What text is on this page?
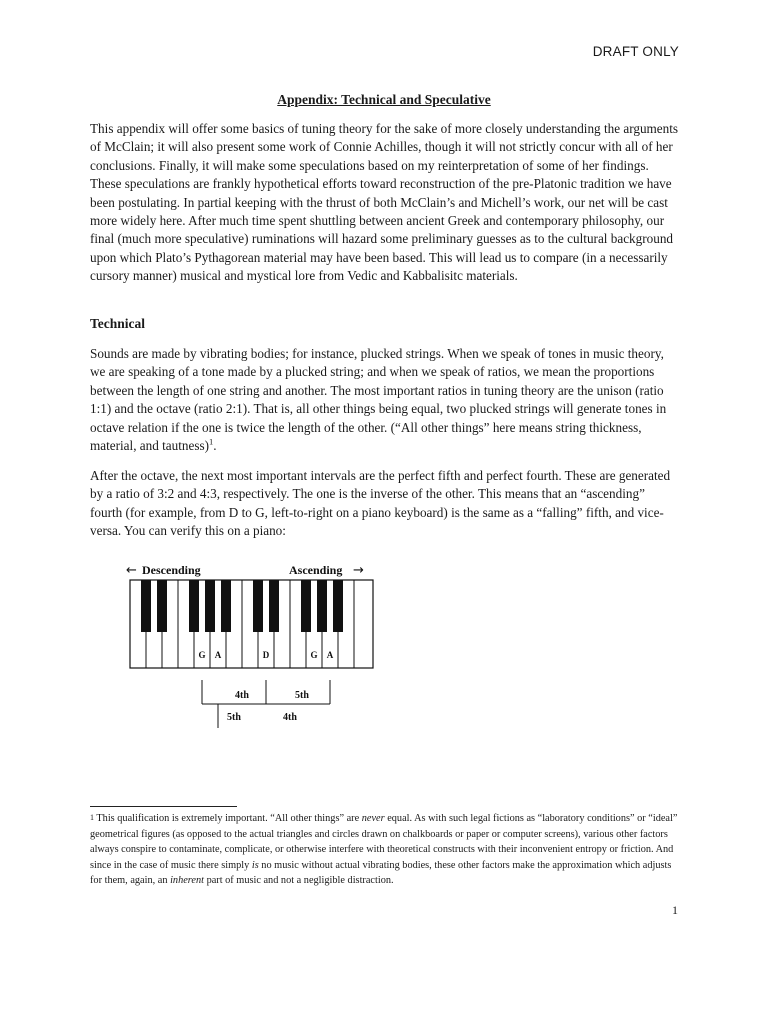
DRAFT ONLY
Appendix: Technical and Speculative

This appendix will offer some basics of tuning theory for the sake of more closely understanding the arguments of McClain; it will also present some work of Connie Achilles, though it will not strictly concur with all of her conclusions. Finally, it will make some speculations based on my reinterpretation of some of her findings. These speculations are frankly hypothetical efforts toward reconstruction of the pre-Platonic tradition we have been postulating. In partial keeping with the thrust of both McClain’s and Michell’s work, our net will be cast more widely here. After much time spent shuttling between ancient Greek and contemporary philosophy, our final (much more speculative) ruminations will hazard some preliminary guesses as to the cultural background upon which Plato’s Pythagorean material may have been based. This will lead us to compare (in a necessarily cursory manner) musical and mystical lore from Vedic and Kabbalisitc materials.

Technical

Sounds are made by vibrating bodies; for instance, plucked strings. When we speak of tones in music theory, we are speaking of a tone made by a plucked string; and when we speak of ratios, we mean the proportions between the length of one string and another. The most important ratios in tuning theory are the unison (ratio 1:1) and the octave (ratio 2:1). That is, all other things being equal, two plucked strings will generate tones in octave relation if the one is twice the length of the other. (“All other things” here means string thickness, material, and tautness)$^1$.

After the octave, the next most important intervals are the perfect fifth and perfect fourth. These are generated by a ratio of 3:2 and 4:3, respectively. The one is the inverse of the other. This means that an “ascending” fourth (for example, from D to G, left-to-right on a piano keyboard) is the same as a “falling” fifth, and vice-versa. You can verify this on a piano:

← Descending	Ascending →
G A	D	G A
4th	5th
5th	4th

$^1$ This qualification is extremely important. “All other things” are never equal. As with such legal fictions as “laboratory conditions” or “ideal” geometrical figures (as opposed to the actual triangles and circles drawn on chalkboards or paper or computer screens), various other factors always conspire to contaminate, complicate, or otherwise interfere with theoretical constructs with their inconvenient entropy or friction. And since in the case of music there simply is no music without actual vibrating bodies, these other factors make the approximation which adjusts for them, again, an inherent part of music and not a negligible distraction.

1
